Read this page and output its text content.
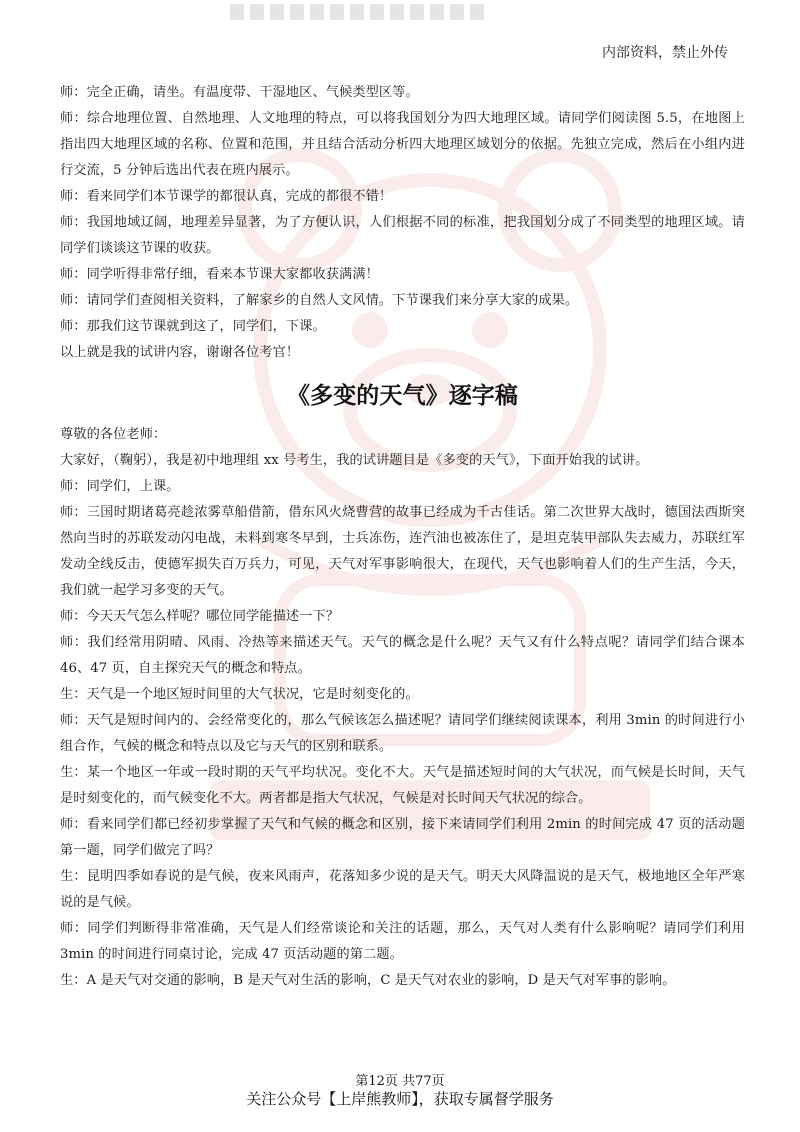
内部资料，禁止外传

师：完全正确，请坐。有温度带、干湿地区、气候类型区等。

师：综合地理位置、自然地理、人文地理的特点，可以将我国划分为四大地理区域。请同学们阅读图 5.5，在地图上指出四大地理区域的名称、位置和范围，并且结合活动分析四大地理区域划分的依据。先独立完成，然后在小组内进行交流，5 分钟后选出代表在班内展示。

师：看来同学们本节课学的都很认真，完成的都很不错！

师：我国地域辽阔，地理差异显著，为了方便认识，人们根据不同的标准，把我国划分成了不同类型的地理区域。请同学们谈谈这节课的收获。

师：同学听得非常仔细，看来本节课大家都收获满满！

师：请同学们查阅相关资料，了解家乡的自然人文风情。下节课我们来分享大家的成果。

师：那我们这节课就到这了，同学们，下课。

以上就是我的试讲内容，谢谢各位考官！

《多变的天气》逐字稿

尊敬的各位老师：

大家好，（鞠躬），我是初中地理组 xx 号考生，我的试讲题目是《多变的天气》，下面开始我的试讲。

师：同学们，上课。

师：三国时期诸葛亮趁浓雾草船借箭，借东风火烧曹营的故事已经成为千古佳话。第二次世界大战时，德国法西斯突然向当时的苏联发动闪电战，未料到寒冬早到，士兵冻伤，连汽油也被冻住了，是坦克装甲部队失去威力，苏联红军发动全线反击，使德军损失百万兵力，可见，天气对军事影响很大，在现代，天气也影响着人们的生产生活，今天，我们就一起学习多变的天气。

师：今天天气怎么样呢？哪位同学能描述一下？

师：我们经常用阴晴、风雨、冷热等来描述天气。天气的概念是什么呢？天气又有什么特点呢？请同学们结合课本 46、47 页，自主探究天气的概念和特点。

生：天气是一个地区短时间里的大气状况，它是时刻变化的。

师：天气是短时间内的、会经常变化的，那么气候该怎么描述呢？请同学们继续阅读课本，利用 3min 的时间进行小组合作，气候的概念和特点以及它与天气的区别和联系。

生：某一个地区一年或一段时期的天气平均状况。变化不大。天气是描述短时间的大气状况，而气候是长时间，天气是时刻变化的，而气候变化不大。两者都是指大气状况，气候是对长时间天气状况的综合。

师：看来同学们都已经初步掌握了天气和气候的概念和区别，接下来请同学们利用 2min 的时间完成 47 页的活动题第一题，同学们做完了吗？

生：昆明四季如春说的是气候，夜来风雨声，花落知多少说的是天气。明天大风降温说的是天气，极地地区全年严寒说的是气候。

师：同学们判断得非常准确，天气是人们经常谈论和关注的话题，那么，天气对人类有什么影响呢？请同学们利用 3min 的时间进行同桌讨论，完成 47 页活动题的第二题。

生：A 是天气对交通的影响，B 是天气对生活的影响，C 是天气对农业的影响，D 是天气对军事的影响。

第12页 共77页
关注公众号【上岸熊教师】，获取专属督学服务
